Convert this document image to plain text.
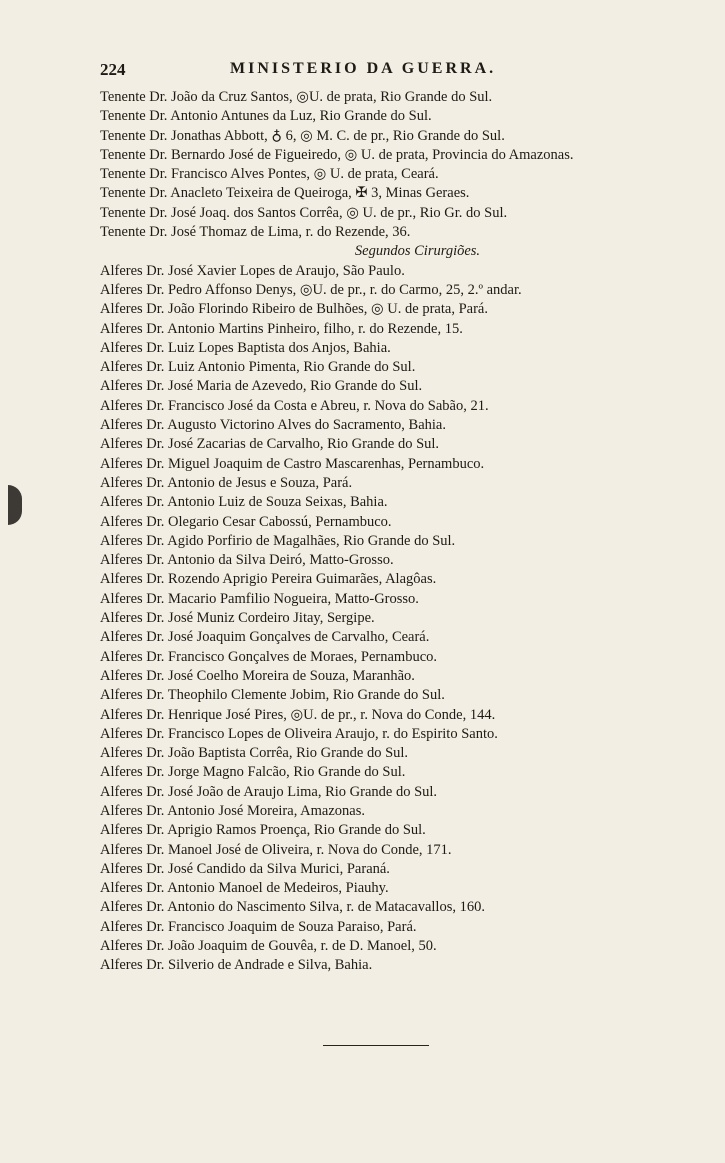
224	MINISTERIO DA GUERRA.
Tenente Dr. João da Cruz Santos, ◎U. de prata, Rio Grande do Sul.
Tenente Dr. Antonio Antunes da Luz, Rio Grande do Sul.
Tenente Dr. Jonathas Abbott, ♁ 6, ◎ M. C. de pr., Rio Grande do Sul.
Tenente Dr. Bernardo José de Figueiredo, ◎ U. de prata, Provincia do Amazonas.
Tenente Dr. Francisco Alves Pontes, ◎ U. de prata, Ceará.
Tenente Dr. Anacleto Teixeira de Queiroga, ✠ 3, Minas Geraes.
Tenente Dr. José Joaq. dos Santos Corrêa, ◎ U. de pr., Rio Gr. do Sul.
Tenente Dr. José Thomaz de Lima, r. do Rezende, 36.
Segundos Cirurgiões.
Alferes Dr. José Xavier Lopes de Araujo, São Paulo.
Alferes Dr. Pedro Affonso Denys, ◎U. de pr., r. do Carmo, 25, 2.º andar.
Alferes Dr. João Florindo Ribeiro de Bulhões, ◎ U. de prata, Pará.
Alferes Dr. Antonio Martins Pinheiro, filho, r. do Rezende, 15.
Alferes Dr. Luiz Lopes Baptista dos Anjos, Bahia.
Alferes Dr. Luiz Antonio Pimenta, Rio Grande do Sul.
Alferes Dr. José Maria de Azevedo, Rio Grande do Sul.
Alferes Dr. Francisco José da Costa e Abreu, r. Nova do Sabão, 21.
Alferes Dr. Augusto Victorino Alves do Sacramento, Bahia.
Alferes Dr. José Zacarias de Carvalho, Rio Grande do Sul.
Alferes Dr. Miguel Joaquim de Castro Mascarenhas, Pernambuco.
Alferes Dr. Antonio de Jesus e Souza, Pará.
Alferes Dr. Antonio Luiz de Souza Seixas, Bahia.
Alferes Dr. Olegario Cesar Cabossú, Pernambuco.
Alferes Dr. Agido Porfirio de Magalhães, Rio Grande do Sul.
Alferes Dr. Antonio da Silva Deiró, Matto-Grosso.
Alferes Dr. Rozendo Aprigio Pereira Guimarães, Alagôas.
Alferes Dr. Macario Pamfilio Nogueira, Matto-Grosso.
Alferes Dr. José Muniz Cordeiro Jitay, Sergipe.
Alferes Dr. José Joaquim Gonçalves de Carvalho, Ceará.
Alferes Dr. Francisco Gonçalves de Moraes, Pernambuco.
Alferes Dr. José Coelho Moreira de Souza, Maranhão.
Alferes Dr. Theophilo Clemente Jobim, Rio Grande do Sul.
Alferes Dr. Henrique José Pires, ◎U. de pr., r. Nova do Conde, 144.
Alferes Dr. Francisco Lopes de Oliveira Araujo, r. do Espirito Santo.
Alferes Dr. João Baptista Corrêa, Rio Grande do Sul.
Alferes Dr. Jorge Magno Falcão, Rio Grande do Sul.
Alferes Dr. José João de Araujo Lima, Rio Grande do Sul.
Alferes Dr. Antonio José Moreira, Amazonas.
Alferes Dr. Aprigio Ramos Proença, Rio Grande do Sul.
Alferes Dr. Manoel José de Oliveira, r. Nova do Conde, 171.
Alferes Dr. José Candido da Silva Murici, Paraná.
Alferes Dr. Antonio Manoel de Medeiros, Piauhy.
Alferes Dr. Antonio do Nascimento Silva, r. de Matacavallos, 160.
Alferes Dr. Francisco Joaquim de Souza Paraiso, Pará.
Alferes Dr. João Joaquim de Gouvêa, r. de D. Manoel, 50.
Alferes Dr. Silverio de Andrade e Silva, Bahia.
